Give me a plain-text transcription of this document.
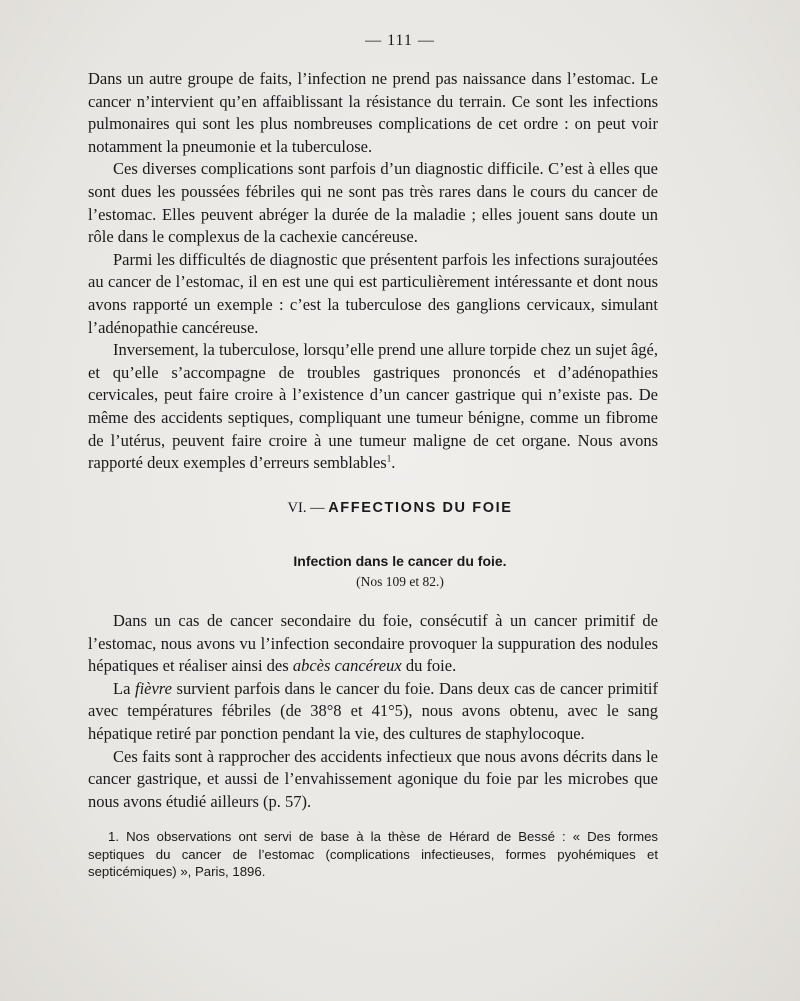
— 111 —

Dans un autre groupe de faits, l’infection ne prend pas naissance dans l’estomac. Le cancer n’intervient qu’en affaiblissant la résistance du terrain. Ce sont les infections pulmonaires qui sont les plus nombreuses complications de cet ordre : on peut voir notamment la pneumonie et la tuberculose.

Ces diverses complications sont parfois d’un diagnostic difficile. C’est à elles que sont dues les poussées fébriles qui ne sont pas très rares dans le cours du cancer de l’estomac. Elles peuvent abréger la durée de la maladie ; elles jouent sans doute un rôle dans le complexus de la cachexie cancéreuse.

Parmi les difficultés de diagnostic que présentent parfois les infections surajoutées au cancer de l’estomac, il en est une qui est particulièrement intéressante et dont nous avons rapporté un exemple : c’est la tuberculose des ganglions cervicaux, simulant l’adénopathie cancéreuse.

Inversement, la tuberculose, lorsqu’elle prend une allure torpide chez un sujet âgé, et qu’elle s’accompagne de troubles gastriques prononcés et d’adénopathies cervicales, peut faire croire à l’existence d’un cancer gastrique qui n’existe pas. De même des accidents septiques, compliquant une tumeur bénigne, comme un fibrome de l’utérus, peuvent faire croire à une tumeur maligne de cet organe. Nous avons rapporté deux exemples d’erreurs semblables$^1$.

VI. — AFFECTIONS DU FOIE
Infection dans le cancer du foie.
(Nos 109 et 82.)

Dans un cas de cancer secondaire du foie, consécutif à un cancer primitif de l’estomac, nous avons vu l’infection secondaire provoquer la suppuration des nodules hépatiques et réaliser ainsi des abcès cancéreux du foie.

La fièvre survient parfois dans le cancer du foie. Dans deux cas de cancer primitif avec températures fébriles (de 38°8 et 41°5), nous avons obtenu, avec le sang hépatique retiré par ponction pendant la vie, des cultures de staphylocoque.

Ces faits sont à rapprocher des accidents infectieux que nous avons décrits dans le cancer gastrique, et aussi de l’envahissement agonique du foie par les microbes que nous avons étudié ailleurs (p. 57).

1. Nos observations ont servi de base à la thèse de Hérard de Bessé : « Des formes septiques du cancer de l’estomac (complications infectieuses, formes pyohémiques et septicémiques) », Paris, 1896.
